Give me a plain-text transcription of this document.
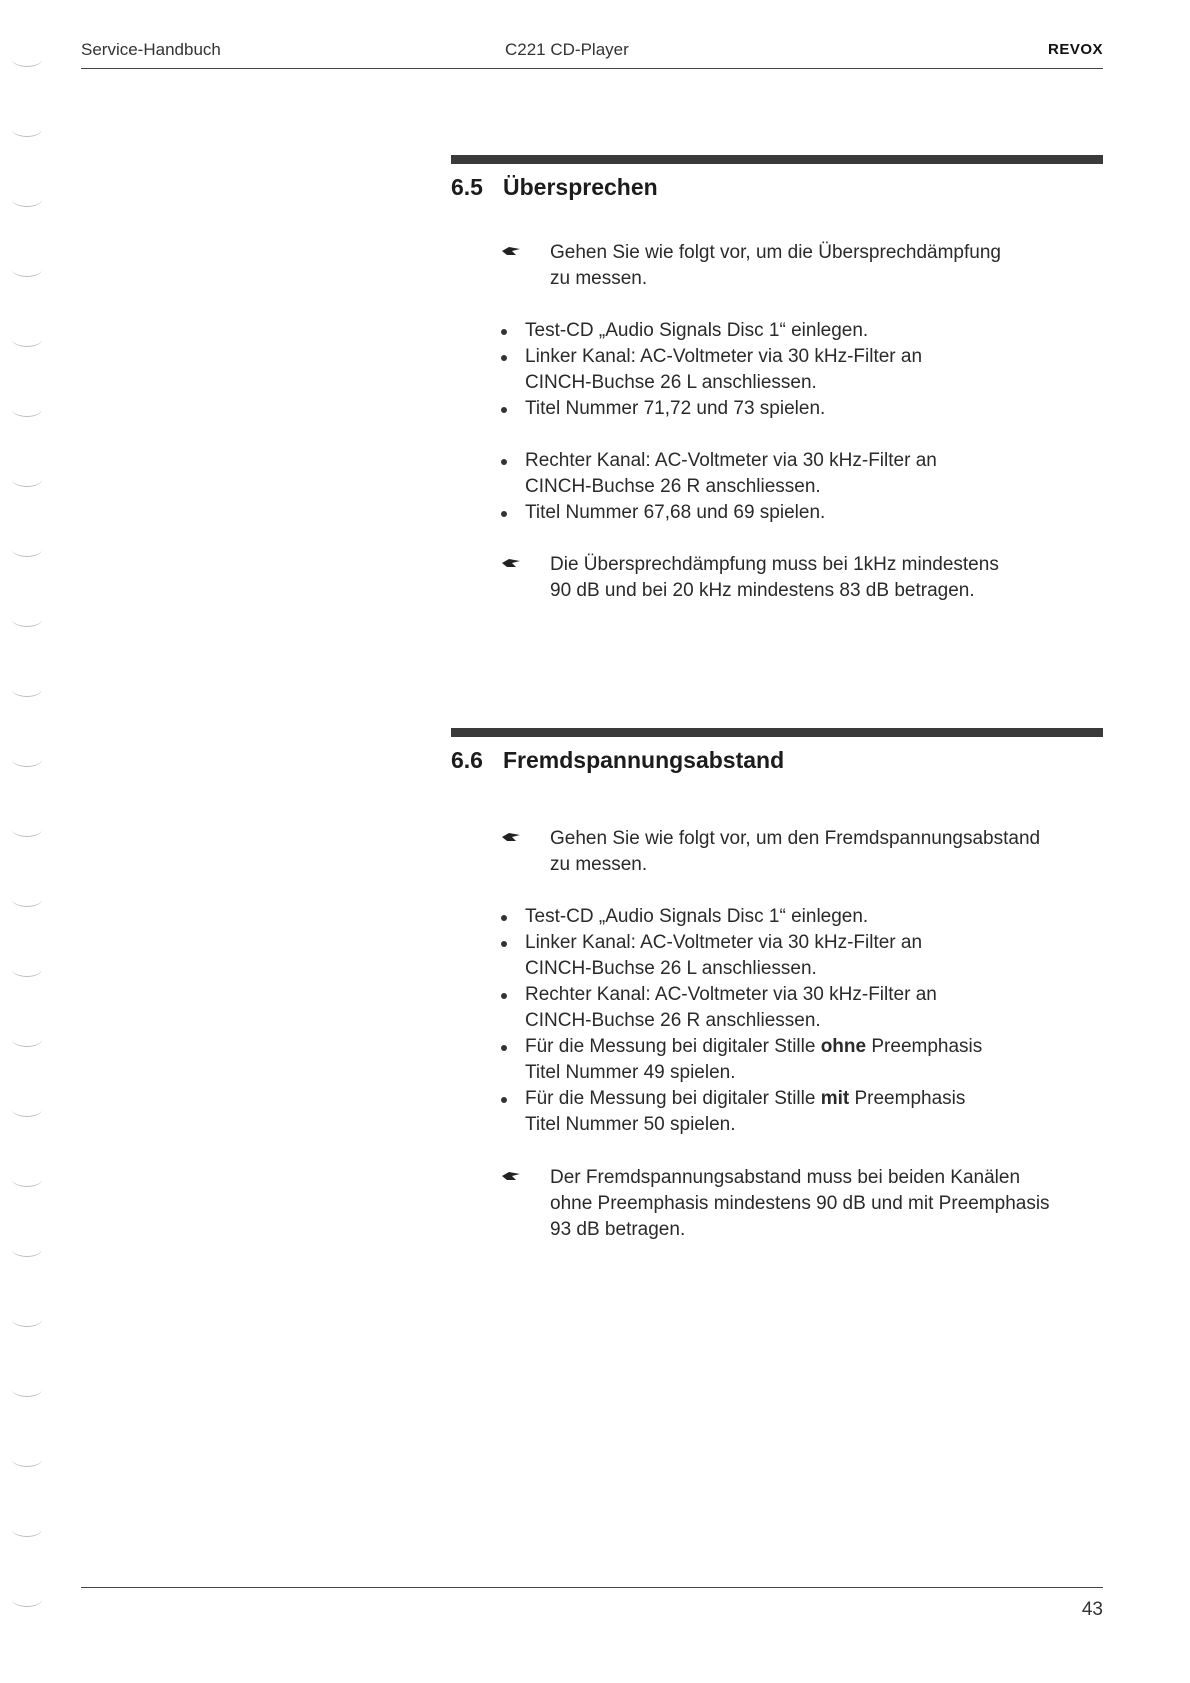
Service-Handbuch	C221 CD-Player	REVOX
6.5 Übersprechen
Gehen Sie wie folgt vor, um die Übersprechdämpfung
zu messen.
Test-CD „Audio Signals Disc 1“ einlegen.
Linker Kanal: AC-Voltmeter via 30 kHz-Filter an
CINCH-Buchse 26 L anschliessen.
Titel Nummer 71,72 und 73 spielen.
Rechter Kanal: AC-Voltmeter via 30 kHz-Filter an
CINCH-Buchse 26 R anschliessen.
Titel Nummer 67,68 und 69 spielen.
Die Übersprechdämpfung muss bei 1kHz mindestens
90 dB und bei 20 kHz mindestens 83 dB betragen.
6.6 Fremdspannungsabstand
Gehen Sie wie folgt vor, um den Fremdspannungsabstand
zu messen.
Test-CD „Audio Signals Disc 1“ einlegen.
Linker Kanal: AC-Voltmeter via 30 kHz-Filter an
CINCH-Buchse 26 L anschliessen.
Rechter Kanal: AC-Voltmeter via 30 kHz-Filter an
CINCH-Buchse 26 R anschliessen.
Für die Messung bei digitaler Stille ohne Preemphasis
Titel Nummer 49 spielen.
Für die Messung bei digitaler Stille mit Preemphasis
Titel Nummer 50 spielen.
Der Fremdspannungsabstand muss bei beiden Kanälen
ohne Preemphasis mindestens 90 dB und mit Preemphasis
93 dB betragen.
43
